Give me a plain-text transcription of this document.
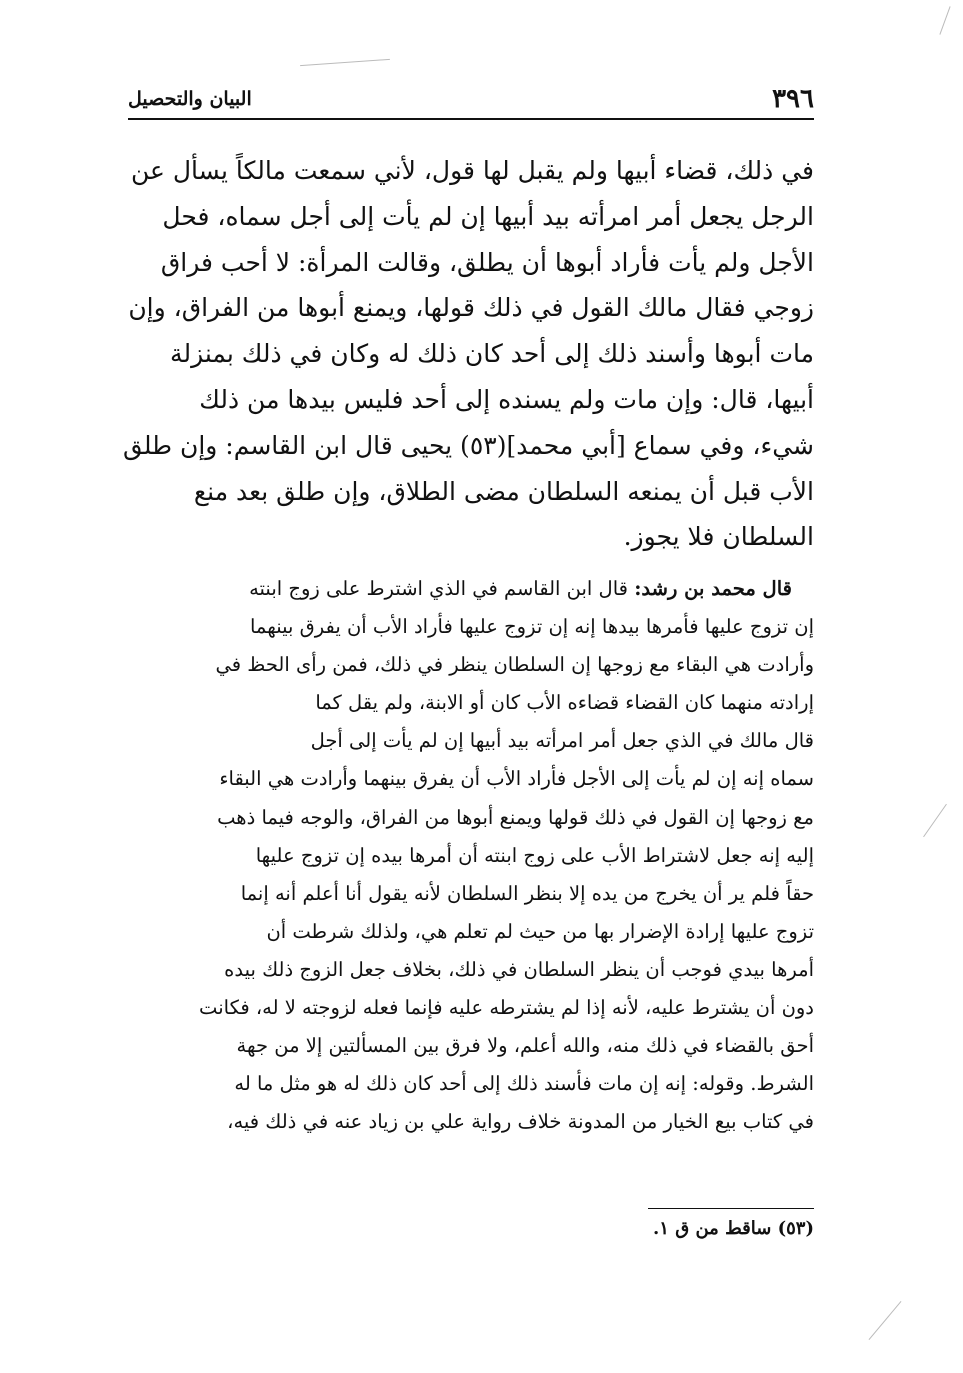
٣٩٦
البيان والتحصيل
في ذلك، قضاء أبيها ولم يقبل لها قول، لأني سمعت مالكاً يسأل عن
الرجل يجعل أمر امرأته بيد أبيها إن لم يأت إلى أجل سماه، فحل
الأجل ولم يأت فأراد أبوها أن يطلق، وقالت المرأة: لا أحب فراق
زوجي فقال مالك القول في ذلك قولها، ويمنع أبوها من الفراق، وإن
مات أبوها وأسند ذلك إلى أحد كان ذلك له وكان في ذلك بمنزلة
أبيها، قال: وإن مات ولم يسنده إلى أحد فليس بيدها من ذلك
شيء، وفي سماع [أبي محمد](٥٣) يحيى قال ابن القاسم: وإن طلق
الأب قبل أن يمنعه السلطان مضى الطلاق، وإن طلق بعد منع
السلطان فلا يجوز.
قال محمد بن رشد: قال ابن القاسم في الذي اشترط على زوج ابنته
إن تزوج عليها فأمرها بيدها إنه إن تزوج عليها فأراد الأب أن يفرق بينهما
وأرادت هي البقاء مع زوجها إن السلطان ينظر في ذلك، فمن رأى الحظ في
إرادته منهما كان القضاء قضاءه الأب كان أو الابنة، ولم يقل كما
قال مالك في الذي جعل أمر امرأته بيد أبيها إن لم يأت إلى أجل
سماه إنه إن لم يأت إلى الأجل فأراد الأب أن يفرق بينهما وأرادت هي البقاء
مع زوجها إن القول في ذلك قولها ويمنع أبوها من الفراق، والوجه فيما ذهب
إليه إنه جعل لاشتراط الأب على زوج ابنته أن أمرها بيده إن تزوج عليها
حقاً فلم ير أن يخرج من يده إلا بنظر السلطان لأنه يقول أنا أعلم أنه إنما
تزوج عليها إرادة الإضرار بها من حيث لم تعلم هي، ولذلك شرطت أن
أمرها بيدي فوجب أن ينظر السلطان في ذلك، بخلاف جعل الزوج ذلك بيده
دون أن يشترط عليه، لأنه إذا لم يشترطه عليه فإنما فعله لزوجته لا له، فكانت
أحق بالقضاء في ذلك منه، والله أعلم، ولا فرق بين المسألتين إلا من جهة
الشرط. وقوله: إنه إن مات فأسند ذلك إلى أحد كان ذلك له هو مثل ما له
في كتاب بيع الخيار من المدونة خلاف رواية علي بن زياد عنه في ذلك فيه،
(٥٣) ساقط من ق ١.
